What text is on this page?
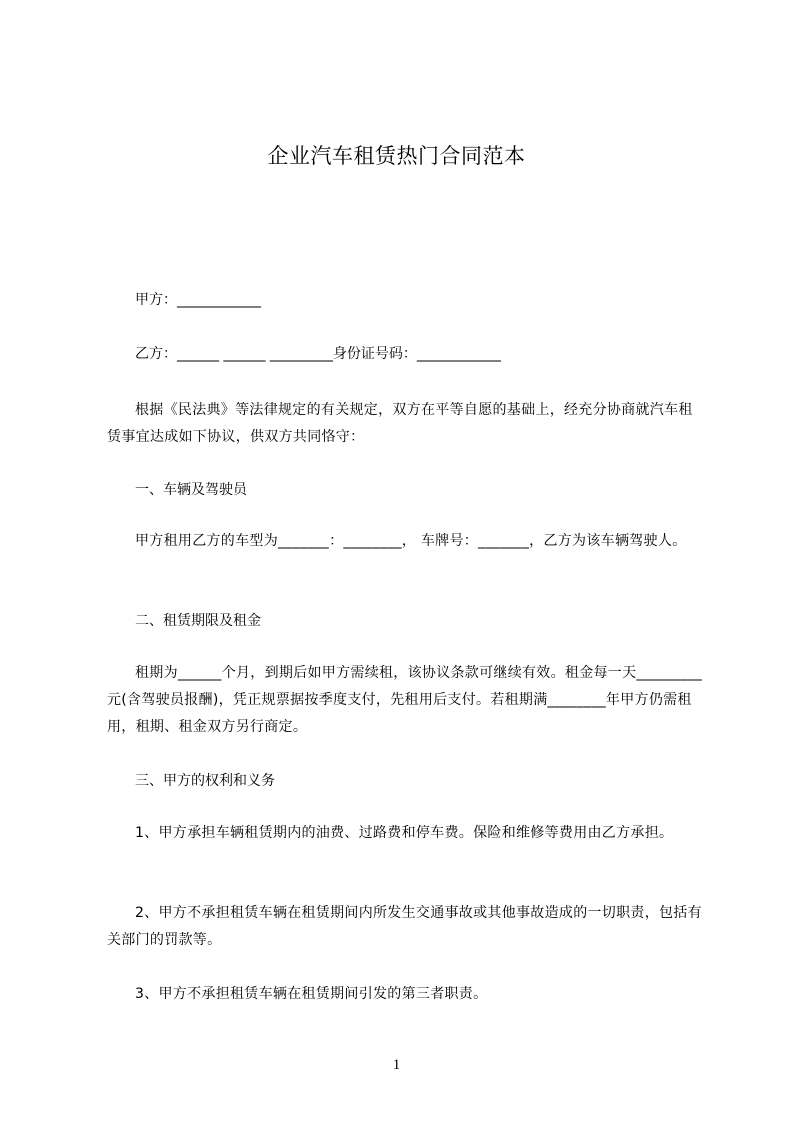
企业汽车租赁热门合同范本
甲方：____________
乙方：______ ______ _________身份证号码：____________
根据《民法典》等法律规定的有关规定，双方在平等自愿的基础上，经充分协商就汽车租赁事宜达成如下协议，供双方共同恪守：
一、车辆及驾驶员
甲方租用乙方的车型为_______：________， 车牌号：_______，乙方为该车辆驾驶人。
二、租赁期限及租金
租期为______个月，到期后如甲方需续租，该协议条款可继续有效。租金每一天_________元(含驾驶员报酬)，凭正规票据按季度支付，先租用后支付。若租期满________年甲方仍需租用，租期、租金双方另行商定。
三、甲方的权利和义务
1、甲方承担车辆租赁期内的油费、过路费和停车费。保险和维修等费用由乙方承担。
2、甲方不承担租赁车辆在租赁期间内所发生交通事故或其他事故造成的一切职责，包括有关部门的罚款等。
3、甲方不承担租赁车辆在租赁期间引发的第三者职责。
1
